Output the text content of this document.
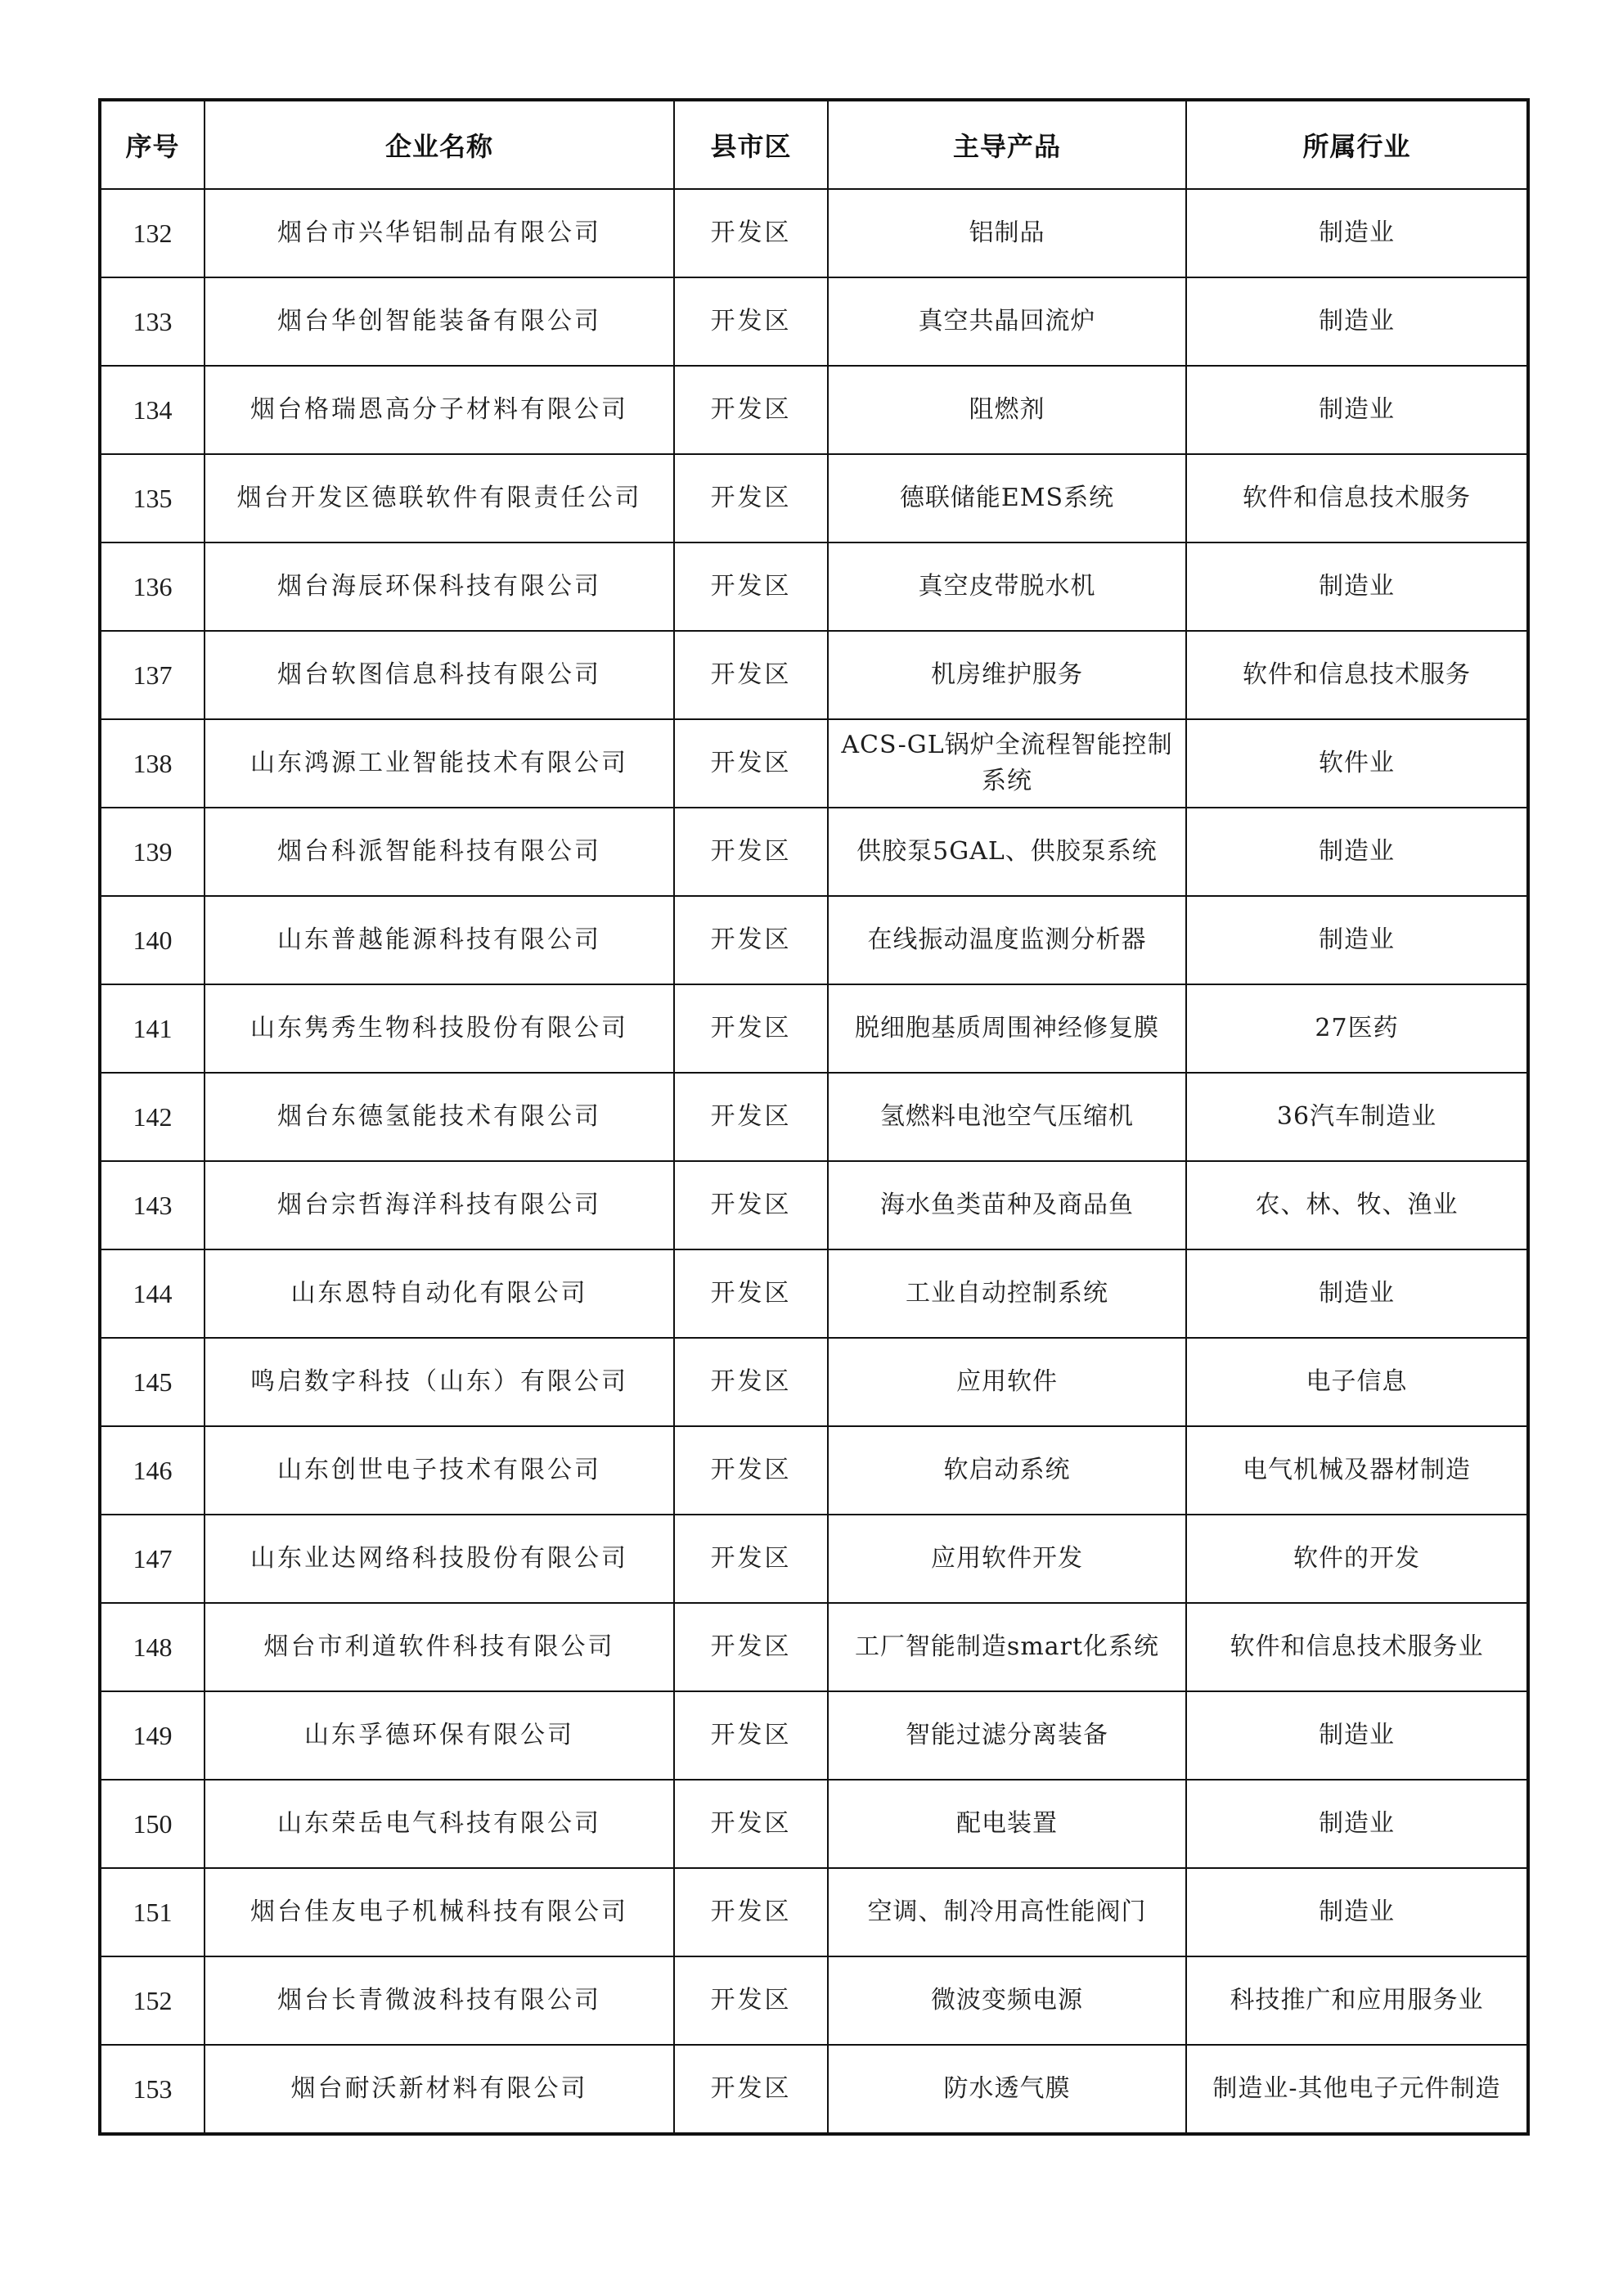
序号	企业名称	县市区	主导产品	所属行业
132	烟台市兴华铝制品有限公司	开发区	铝制品	制造业
133	烟台华创智能装备有限公司	开发区	真空共晶回流炉	制造业
134	烟台格瑞恩高分子材料有限公司	开发区	阻燃剂	制造业
135	烟台开发区德联软件有限责任公司	开发区	德联储能EMS系统	软件和信息技术服务
136	烟台海辰环保科技有限公司	开发区	真空皮带脱水机	制造业
137	烟台软图信息科技有限公司	开发区	机房维护服务	软件和信息技术服务
138	山东鸿源工业智能技术有限公司	开发区	ACS-GL锅炉全流程智能控制系统	软件业
139	烟台科派智能科技有限公司	开发区	供胶泵5GAL、供胶泵系统	制造业
140	山东普越能源科技有限公司	开发区	在线振动温度监测分析器	制造业
141	山东隽秀生物科技股份有限公司	开发区	脱细胞基质周围神经修复膜	27医药
142	烟台东德氢能技术有限公司	开发区	氢燃料电池空气压缩机	36汽车制造业
143	烟台宗哲海洋科技有限公司	开发区	海水鱼类苗种及商品鱼	农、林、牧、渔业
144	山东恩特自动化有限公司	开发区	工业自动控制系统	制造业
145	鸣启数字科技（山东）有限公司	开发区	应用软件	电子信息
146	山东创世电子技术有限公司	开发区	软启动系统	电气机械及器材制造
147	山东业达网络科技股份有限公司	开发区	应用软件开发	软件的开发
148	烟台市利道软件科技有限公司	开发区	工厂智能制造smart化系统	软件和信息技术服务业
149	山东孚德环保有限公司	开发区	智能过滤分离装备	制造业
150	山东荣岳电气科技有限公司	开发区	配电装置	制造业
151	烟台佳友电子机械科技有限公司	开发区	空调、制冷用高性能阀门	制造业
152	烟台长青微波科技有限公司	开发区	微波变频电源	科技推广和应用服务业
153	烟台耐沃新材料有限公司	开发区	防水透气膜	制造业-其他电子元件制造
